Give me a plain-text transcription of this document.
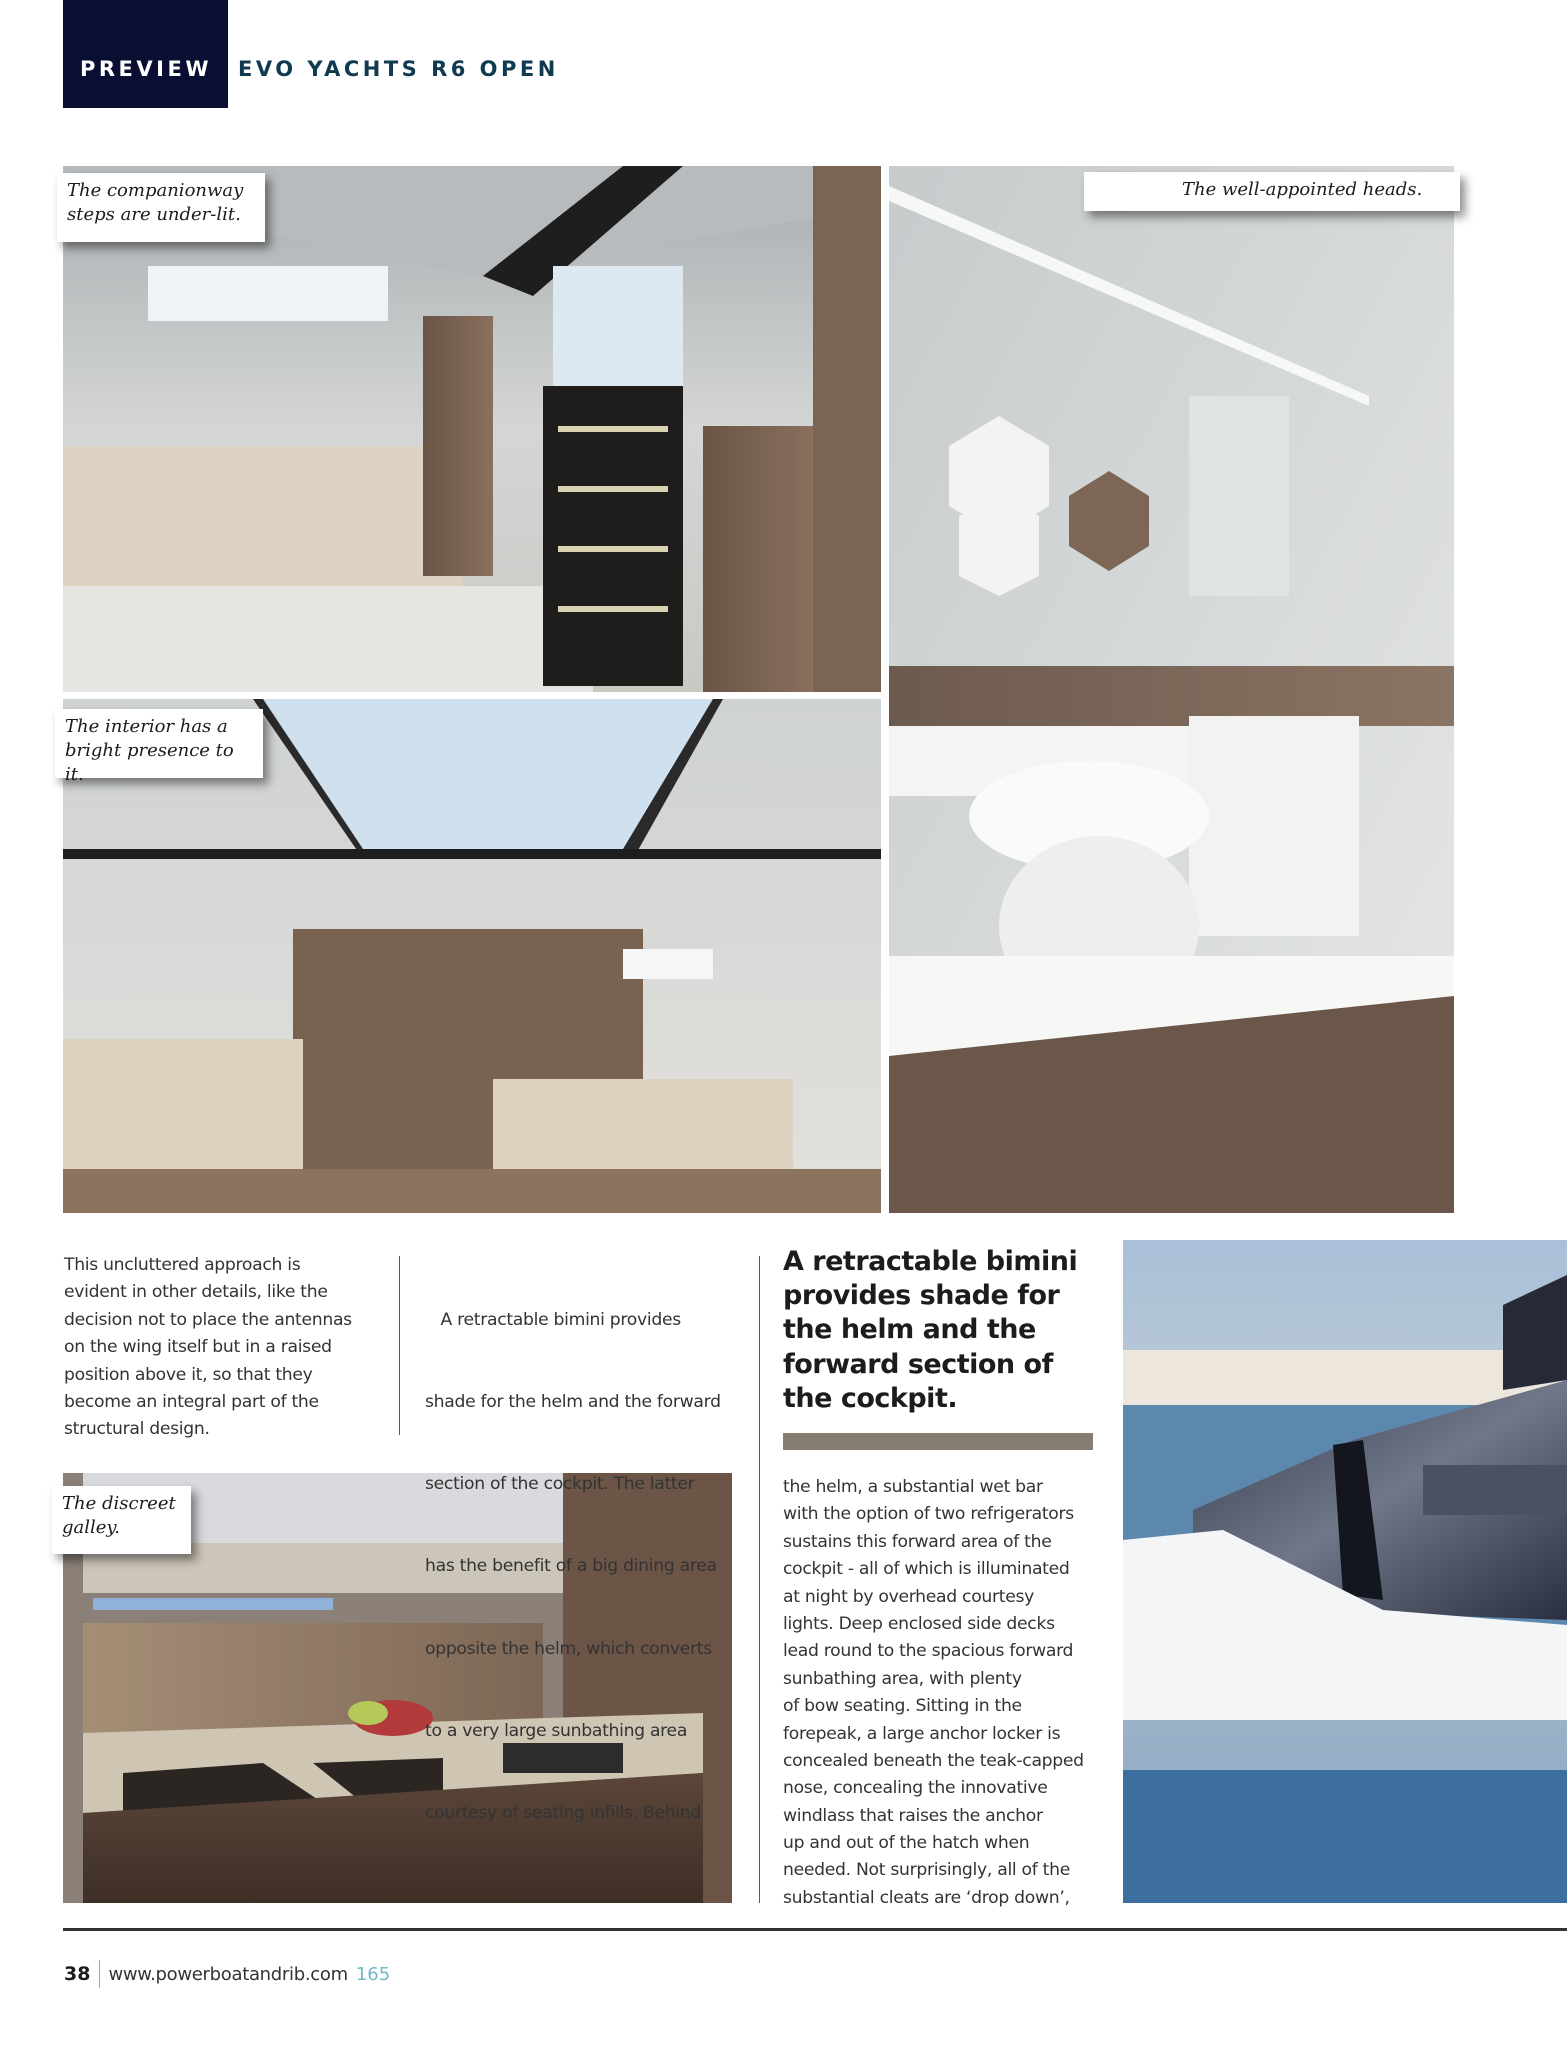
PREVIEW EVO YACHTS R6 OPEN
The companionway
steps are under-lit.
The interior has a
bright presence to it.
The well-appointed heads.
The discreet
galley.
This uncluttered approach is
evident in other details, like the
decision not to place the antennas
on the wing itself but in a raised
position above it, so that they
become an integral part of the
structural design.

A retractable bimini provides

shade for the helm and the forward

section of the cockpit. The latter

has the benefit of a big dining area

opposite the helm, which converts

to a very large sunbathing area

courtesy of seating infills. Behind

A retractable bimini
provides shade for
the helm and the
forward section of
the cockpit.
the helm, a substantial wet bar
with the option of two refrigerators
sustains this forward area of the
cockpit - all of which is illuminated
at night by overhead courtesy
lights. Deep enclosed side decks
lead round to the spacious forward
sunbathing area, with plenty
of bow seating. Sitting in the
forepeak, a large anchor locker is
concealed beneath the teak-capped
nose, concealing the innovative
windlass that raises the anchor
up and out of the hatch when
needed. Not surprisingly, all of the
substantial cleats are ‘drop down’,
38 www.powerboatandrib.com 165
